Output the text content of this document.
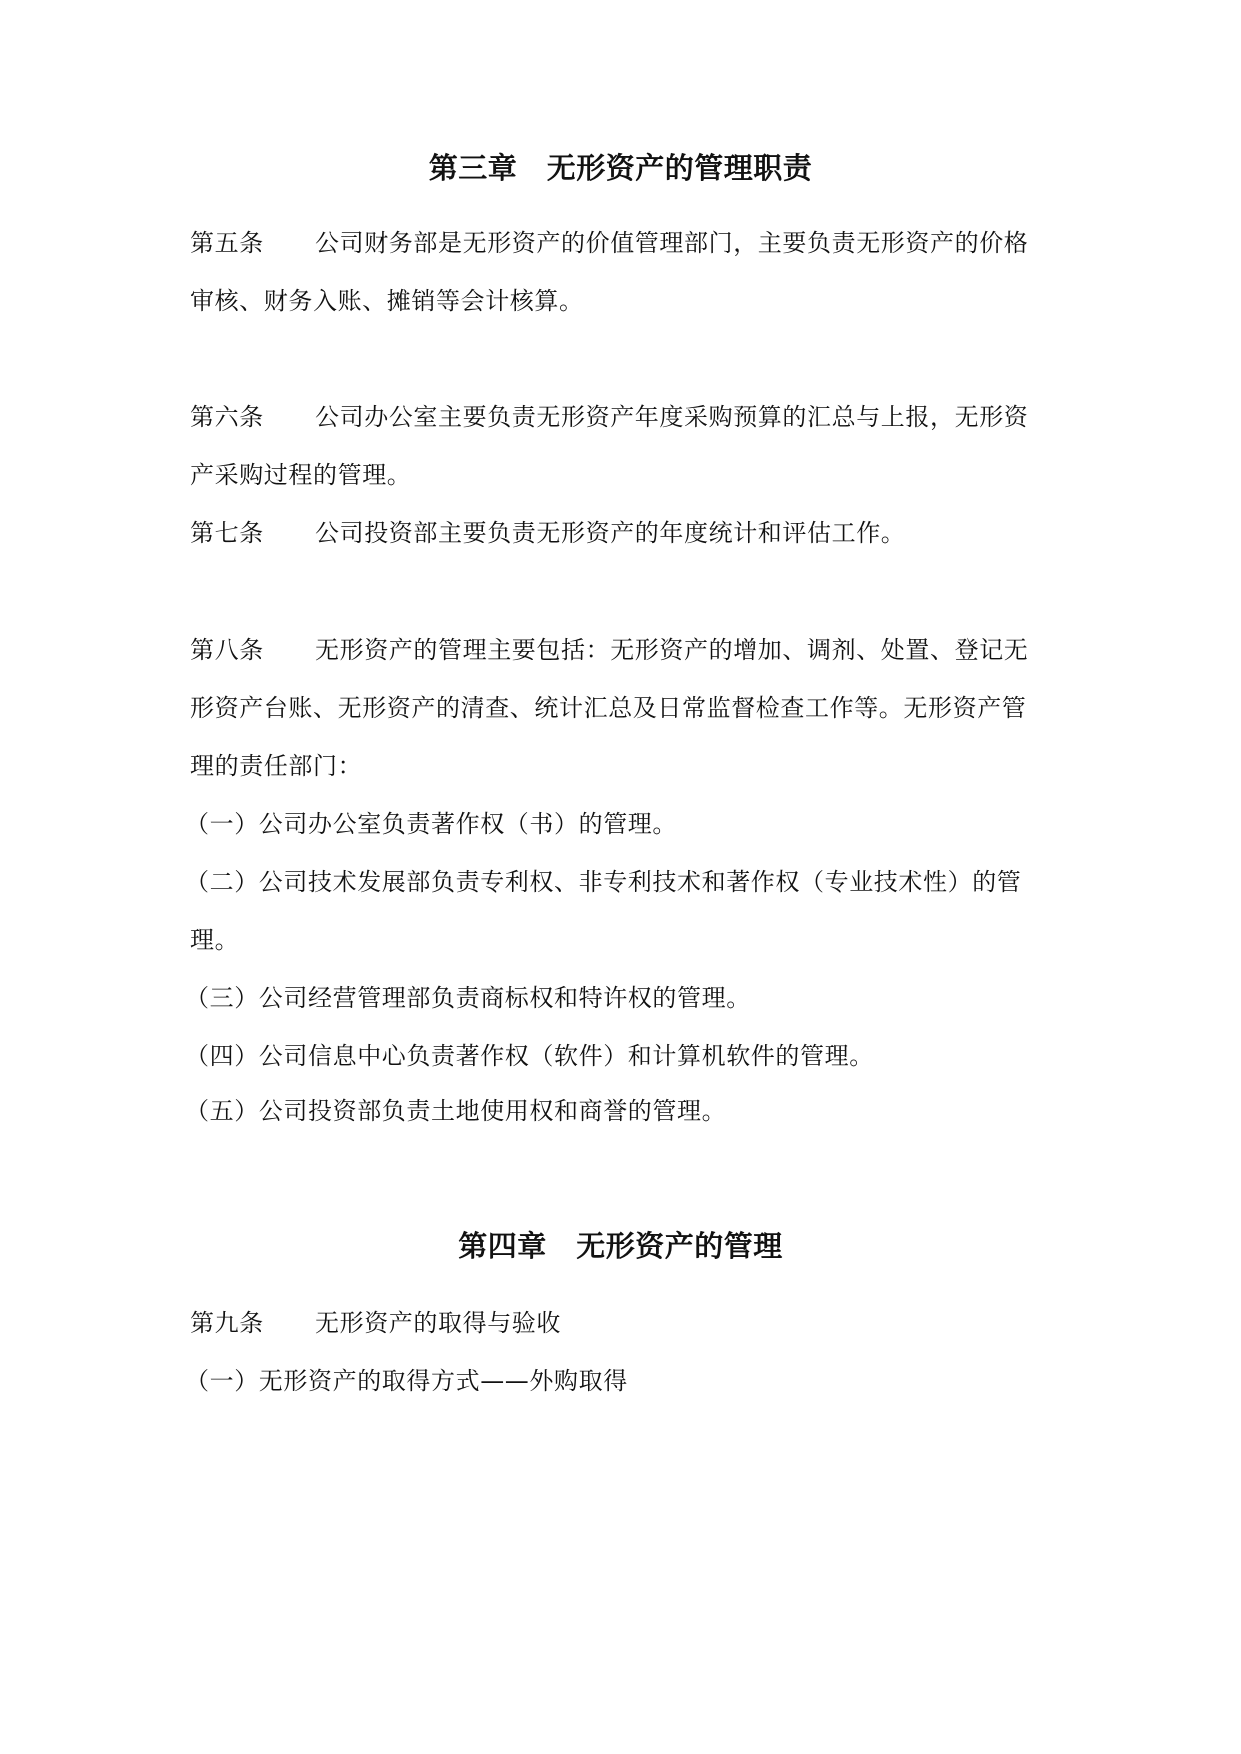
第三章　无形资产的管理职责
第五条 公司财务部是无形资产的价值管理部门，主要负责无形资产的价格
审核、财务入账、摊销等会计核算。
第六条 公司办公室主要负责无形资产年度采购预算的汇总与上报，无形资
产采购过程的管理。
第七条 公司投资部主要负责无形资产的年度统计和评估工作。
第八条 无形资产的管理主要包括：无形资产的增加、调剂、处置、登记无
形资产台账、无形资产的清查、统计汇总及日常监督检查工作等。无形资产管
理的责任部门：
（一）公司办公室负责著作权（书）的管理。
（二）公司技术发展部负责专利权、非专利技术和著作权（专业技术性）的管
理。
（三）公司经营管理部负责商标权和特许权的管理。
（四）公司信息中心负责著作权（软件）和计算机软件的管理。
（五）公司投资部负责土地使用权和商誉的管理。
第四章　无形资产的管理
第九条 无形资产的取得与验收
（一）无形资产的取得方式——外购取得
